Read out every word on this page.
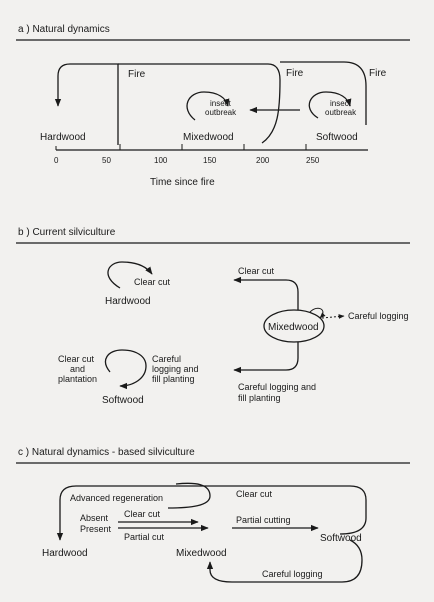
a ) Natural dynamics
Fire	Fire	Fire
insect
outbreak
insect
outbreak
Hardwood	Mixedwood	Softwood
0	50	100	150	200	250
Time since fire
b ) Current silviculture
Clear cut
Hardwood
Mixedwood
Clear cut
Careful logging
Careful logging and
fill planting
Clear cut
and
plantation
Careful
logging and
fill planting
Softwood
c ) Natural dynamics - based silviculture
Clear cut
Advanced regeneration
Absent
Present
Clear cut
Partial cut
Partial cutting
Hardwood
Softwood
Mixedwood
Careful logging
